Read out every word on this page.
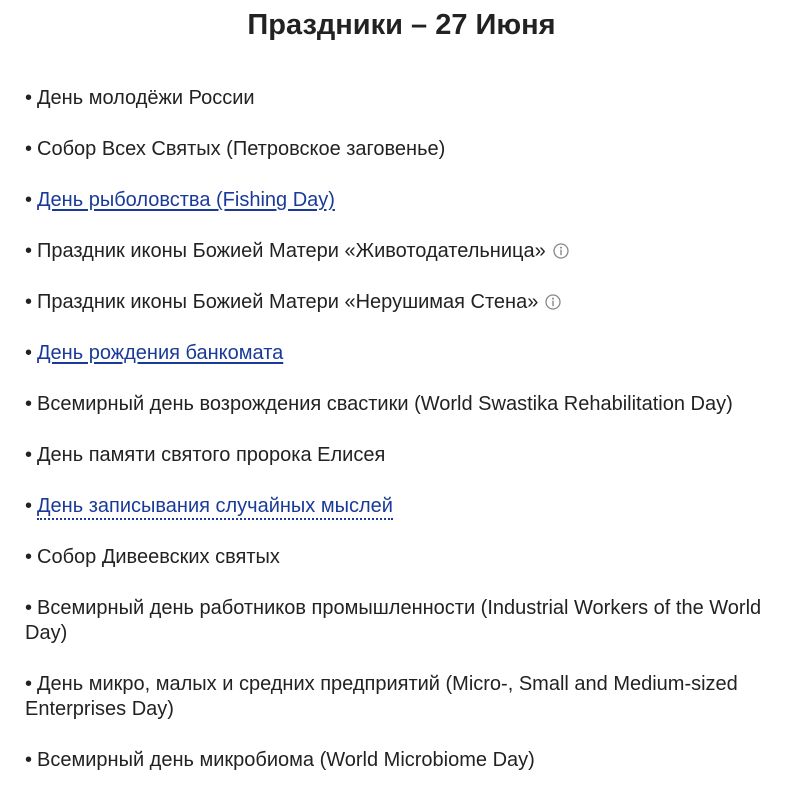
Праздники – 27 Июня
• День молодёжи России
• Собор Всех Святых (Петровское заговенье)
• День рыболовства (Fishing Day)
• Праздник иконы Божией Матери «Животодательница»
• Праздник иконы Божией Матери «Нерушимая Стена»
• День рождения банкомата
• Всемирный день возрождения свастики (World Swastika Rehabilitation Day)
• День памяти святого пророка Елисея
• День записывания случайных мыслей
• Собор Дивеевских святых
• Всемирный день работников промышленности (Industrial Workers of the World Day)
• День микро, малых и средних предприятий (Micro-, Small and Medium-sized Enterprises Day)
• Всемирный день микробиома (World Microbiome Day)
